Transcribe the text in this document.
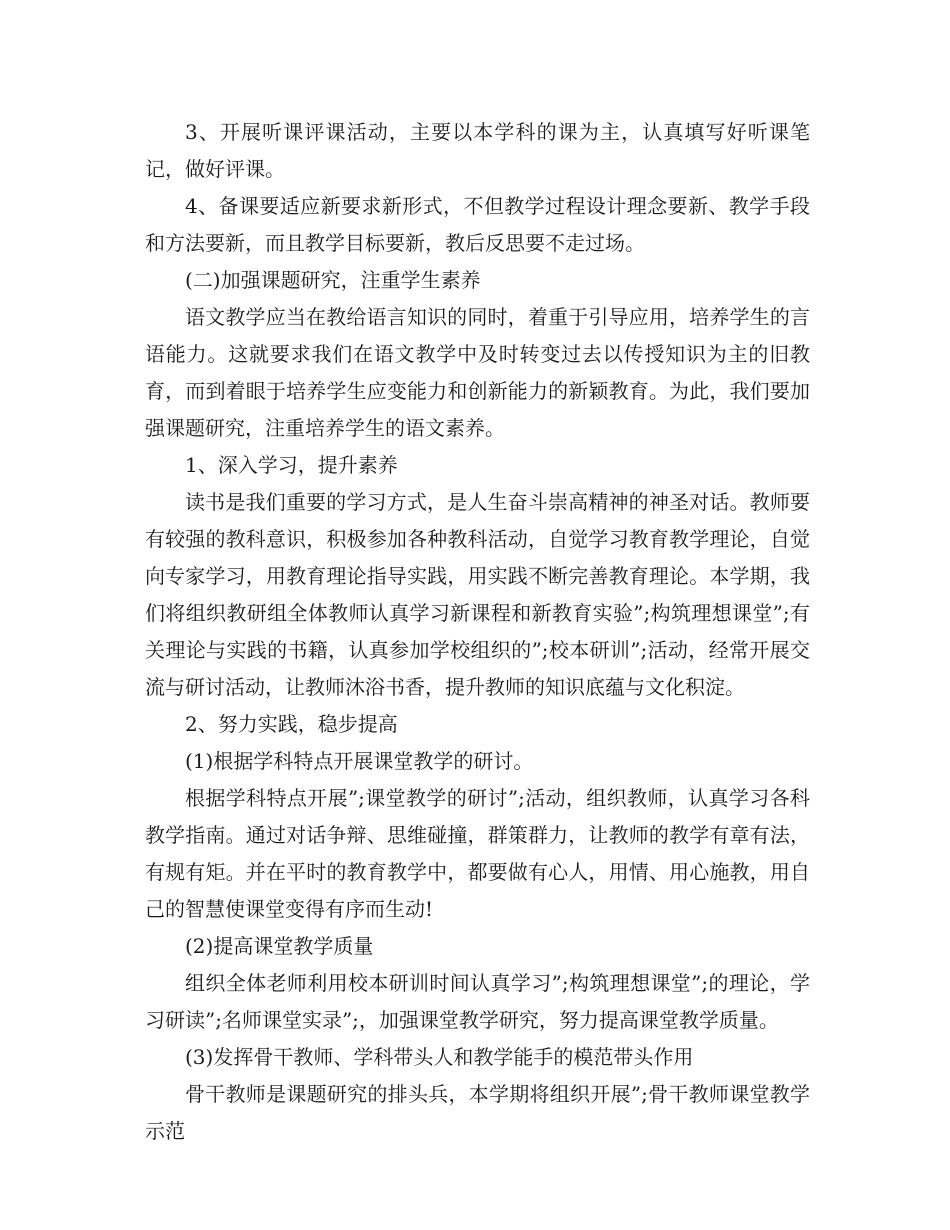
3、开展听课评课活动，主要以本学科的课为主，认真填写好听课笔记，做好评课。

4、备课要适应新要求新形式，不但教学过程设计理念要新、教学手段和方法要新，而且教学目标要新，教后反思要不走过场。

(二)加强课题研究，注重学生素养

语文教学应当在教给语言知识的同时，着重于引导应用，培养学生的言语能力。这就要求我们在语文教学中及时转变过去以传授知识为主的旧教育，而到着眼于培养学生应变能力和创新能力的新颖教育。为此，我们要加强课题研究，注重培养学生的语文素养。

1、深入学习，提升素养

读书是我们重要的学习方式，是人生奋斗崇高精神的神圣对话。教师要有较强的教科意识，积极参加各种教科活动，自觉学习教育教学理论，自觉向专家学习，用教育理论指导实践，用实践不断完善教育理论。本学期，我们将组织教研组全体教师认真学习新课程和新教育实验”;构筑理想课堂”;有关理论与实践的书籍，认真参加学校组织的”;校本研训”;活动，经常开展交流与研讨活动，让教师沐浴书香，提升教师的知识底蕴与文化积淀。

2、努力实践，稳步提高

(1)根据学科特点开展课堂教学的研讨。

根据学科特点开展”;课堂教学的研讨”;活动，组织教师，认真学习各科教学指南。通过对话争辩、思维碰撞，群策群力，让教师的教学有章有法，有规有矩。并在平时的教育教学中，都要做有心人，用情、用心施教，用自己的智慧使课堂变得有序而生动!

(2)提高课堂教学质量

组织全体老师利用校本研训时间认真学习”;构筑理想课堂”;的理论，学习研读”;名师课堂实录”;，加强课堂教学研究，努力提高课堂教学质量。

(3)发挥骨干教师、学科带头人和教学能手的模范带头作用

骨干教师是课题研究的排头兵，本学期将组织开展”;骨干教师课堂教学示范
